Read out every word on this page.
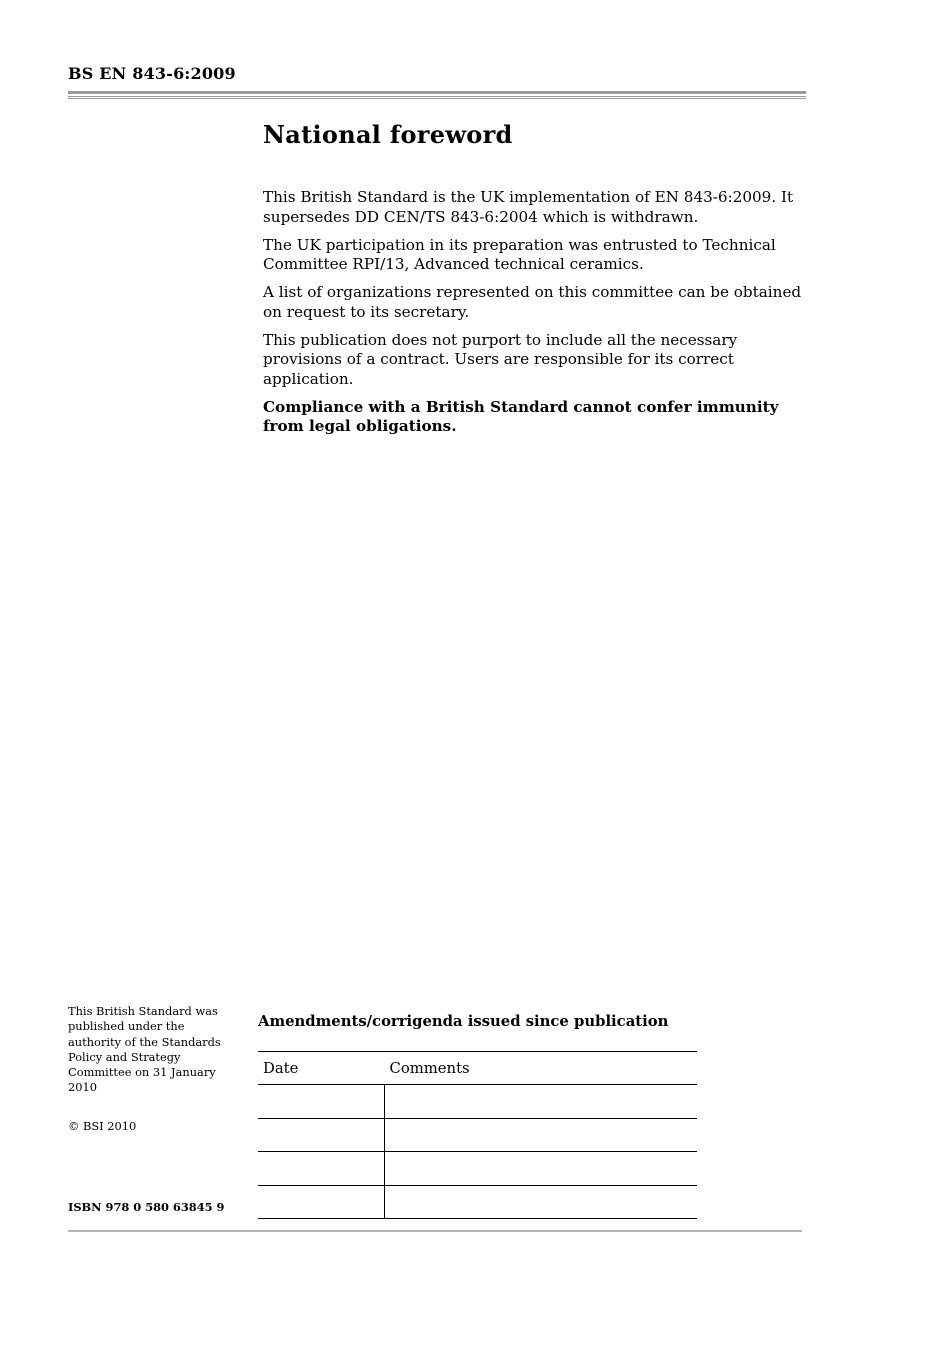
BS EN 843-6:2009
National foreword

This British Standard is the UK implementation of EN 843-6:2009. It supersedes DD CEN/TS 843-6:2004 which is withdrawn.

The UK participation in its preparation was entrusted to Technical Committee RPI/13, Advanced technical ceramics.

A list of organizations represented on this committee can be obtained on request to its secretary.

This publication does not purport to include all the necessary provisions of a contract. Users are responsible for its correct application.

Compliance with a British Standard cannot confer immunity from legal obligations.

This British Standard was published under the authority of the Standards Policy and Strategy Committee on 31 January 2010

© BSI 2010

ISBN 978 0 580 63845 9

Amendments/corrigenda issued since publication
Date	Comments
